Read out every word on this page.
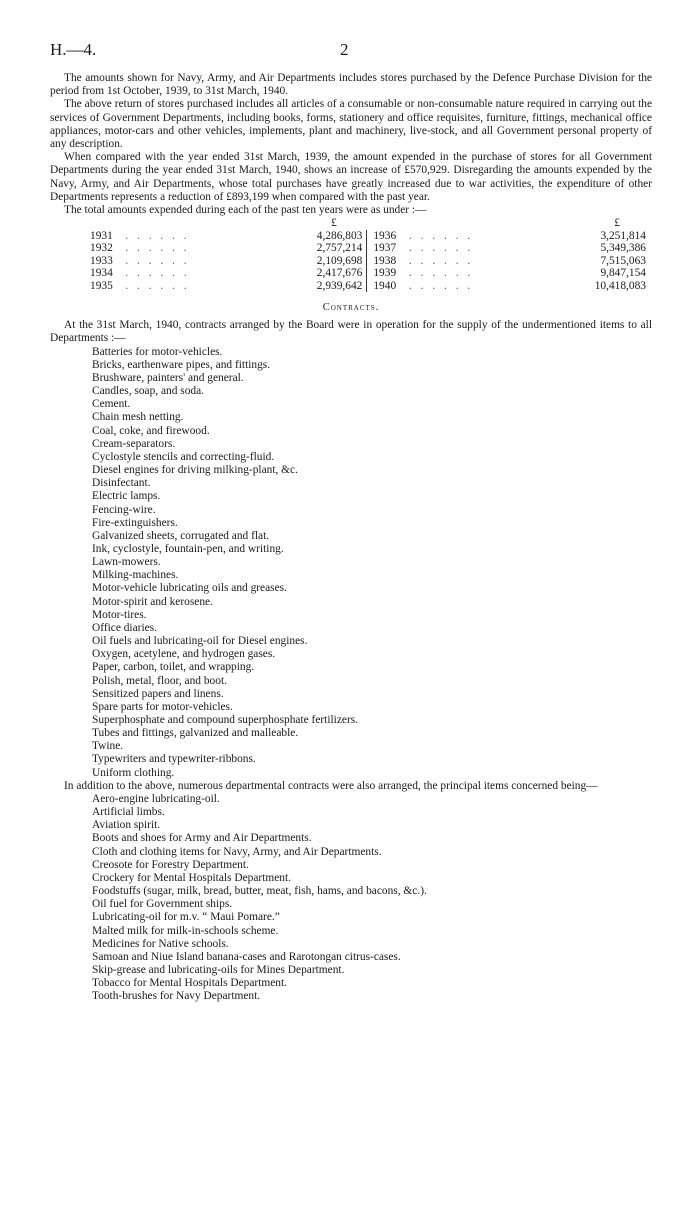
H.—4.	2

The amounts shown for Navy, Army, and Air Departments includes stores purchased by the Defence Purchase Division for the period from 1st October, 1939, to 31st March, 1940.

The above return of stores purchased includes all articles of a consumable or non-consumable nature required in carrying out the services of Government Departments, including books, forms, stationery and office requisites, furniture, fittings, mechanical office appliances, motor-cars and other vehicles, implements, plant and machinery, live-stock, and all Government personal property of any description.

When compared with the year ended 31st March, 1939, the amount expended in the purchase of stores for all Government Departments during the year ended 31st March, 1940, shows an increase of £570,929. Disregarding the amounts expended by the Navy, Army, and Air Departments, whose total purchases have greatly increased due to war activities, the expenditure of other Departments represents a reduction of £893,199 when compared with the past year.

The total amounts expended during each of the past ten years were as under :—

£			£		
1931	. . . . . .	4,286,803	1936	. . . . . .	3,251,814
1932	. . . . . .	2,757,214	1937	. . . . . .	5,349,386
1933	. . . . . .	2,109,698	1938	. . . . . .	7,515,063
1934	. . . . . .	2,417,676	1939	. . . . . .	9,847,154
1935	. . . . . .	2,939,642	1940	. . . . . .	10,418,083
Contracts.

At the 31st March, 1940, contracts arranged by the Board were in operation for the supply of the undermentioned items to all Departments :—

Batteries for motor-vehicles.
Bricks, earthenware pipes, and fittings.
Brushware, painters' and general.
Candles, soap, and soda.
Cement.
Chain mesh netting.
Coal, coke, and firewood.
Cream-separators.
Cyclostyle stencils and correcting-fluid.
Diesel engines for driving milking-plant, &c.
Disinfectant.
Electric lamps.
Fencing-wire.
Fire-extinguishers.
Galvanized sheets, corrugated and flat.
Ink, cyclostyle, fountain-pen, and writing.
Lawn-mowers.
Milking-machines.
Motor-vehicle lubricating oils and greases.
Motor-spirit and kerosene.
Motor-tires.
Office diaries.
Oil fuels and lubricating-oil for Diesel engines.
Oxygen, acetylene, and hydrogen gases.
Paper, carbon, toilet, and wrapping.
Polish, metal, floor, and boot.
Sensitized papers and linens.
Spare parts for motor-vehicles.
Superphosphate and compound superphosphate fertilizers.
Tubes and fittings, galvanized and malleable.
Twine.
Typewriters and typewriter-ribbons.
Uniform clothing.

In addition to the above, numerous departmental contracts were also arranged, the principal items concerned being—

Aero-engine lubricating-oil.
Artificial limbs.
Aviation spirit.
Boots and shoes for Army and Air Departments.
Cloth and clothing items for Navy, Army, and Air Departments.
Creosote for Forestry Department.
Crockery for Mental Hospitals Department.
Foodstuffs (sugar, milk, bread, butter, meat, fish, hams, and bacons, &c.).
Oil fuel for Government ships.
Lubricating-oil for m.v. “ Maui Pomare.”
Malted milk for milk-in-schools scheme.
Medicines for Native schools.
Samoan and Niue Island banana-cases and Rarotongan citrus-cases.
Skip-grease and lubricating-oils for Mines Department.
Tobacco for Mental Hospitals Department.
Tooth-brushes for Navy Department.
